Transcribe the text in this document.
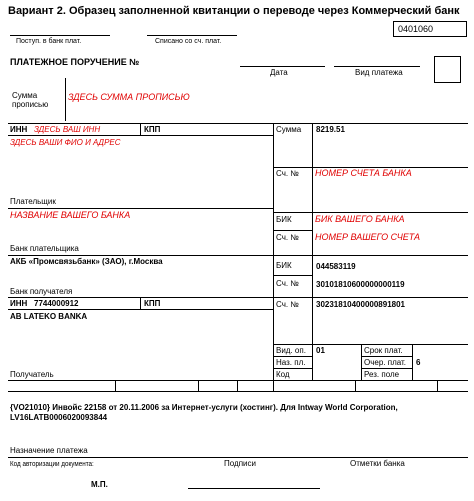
Вариант 2. Образец заполненной квитанции о переводе через Коммерческий банк
0401060
Поступ. в банк плат.	Списано со сч. плат.
ПЛАТЕЖНОЕ ПОРУЧЕНИЕ №
Дата	Вид платежа
Сумма
прописью
ЗДЕСЬ СУММА ПРОПИСЬЮ
ИНН ЗДЕСЬ ВАШ ИНН	КПП	Сумма 8219.51
ЗДЕСЬ ВАШИ ФИО И АДРЕС
Сч. № НОМЕР СЧЕТА БАНКА
Плательщик
НАЗВАНИЕ ВАШЕГО БАНКА	БИК	БИК ВАШЕГО БАНКА
Сч. № НОМЕР ВАШЕГО СЧЕТА
Банк плательщика
АКБ «Промсвязьбанк» (ЗАО), г.Москва	БИК	044583119
Сч. № 30101810600000000119
Банк получателя
ИНН 7744000912	КПП	Сч. № 30231810400000891801
AB LATEKO BANKA
Вид. оп. 01	Срок плат.
Наз. пл.	Очер. плат. 6
Код	Рез. поле
Получатель
{VO21010} Инвойс 22158 от 20.11.2006 за Интернет-услуги (хостинг). Для Intway World Corporation,
LV16LATB0006020093844
Назначение платежа
Код авторизации документа:	Подписи	Отметки банка
М.П.
